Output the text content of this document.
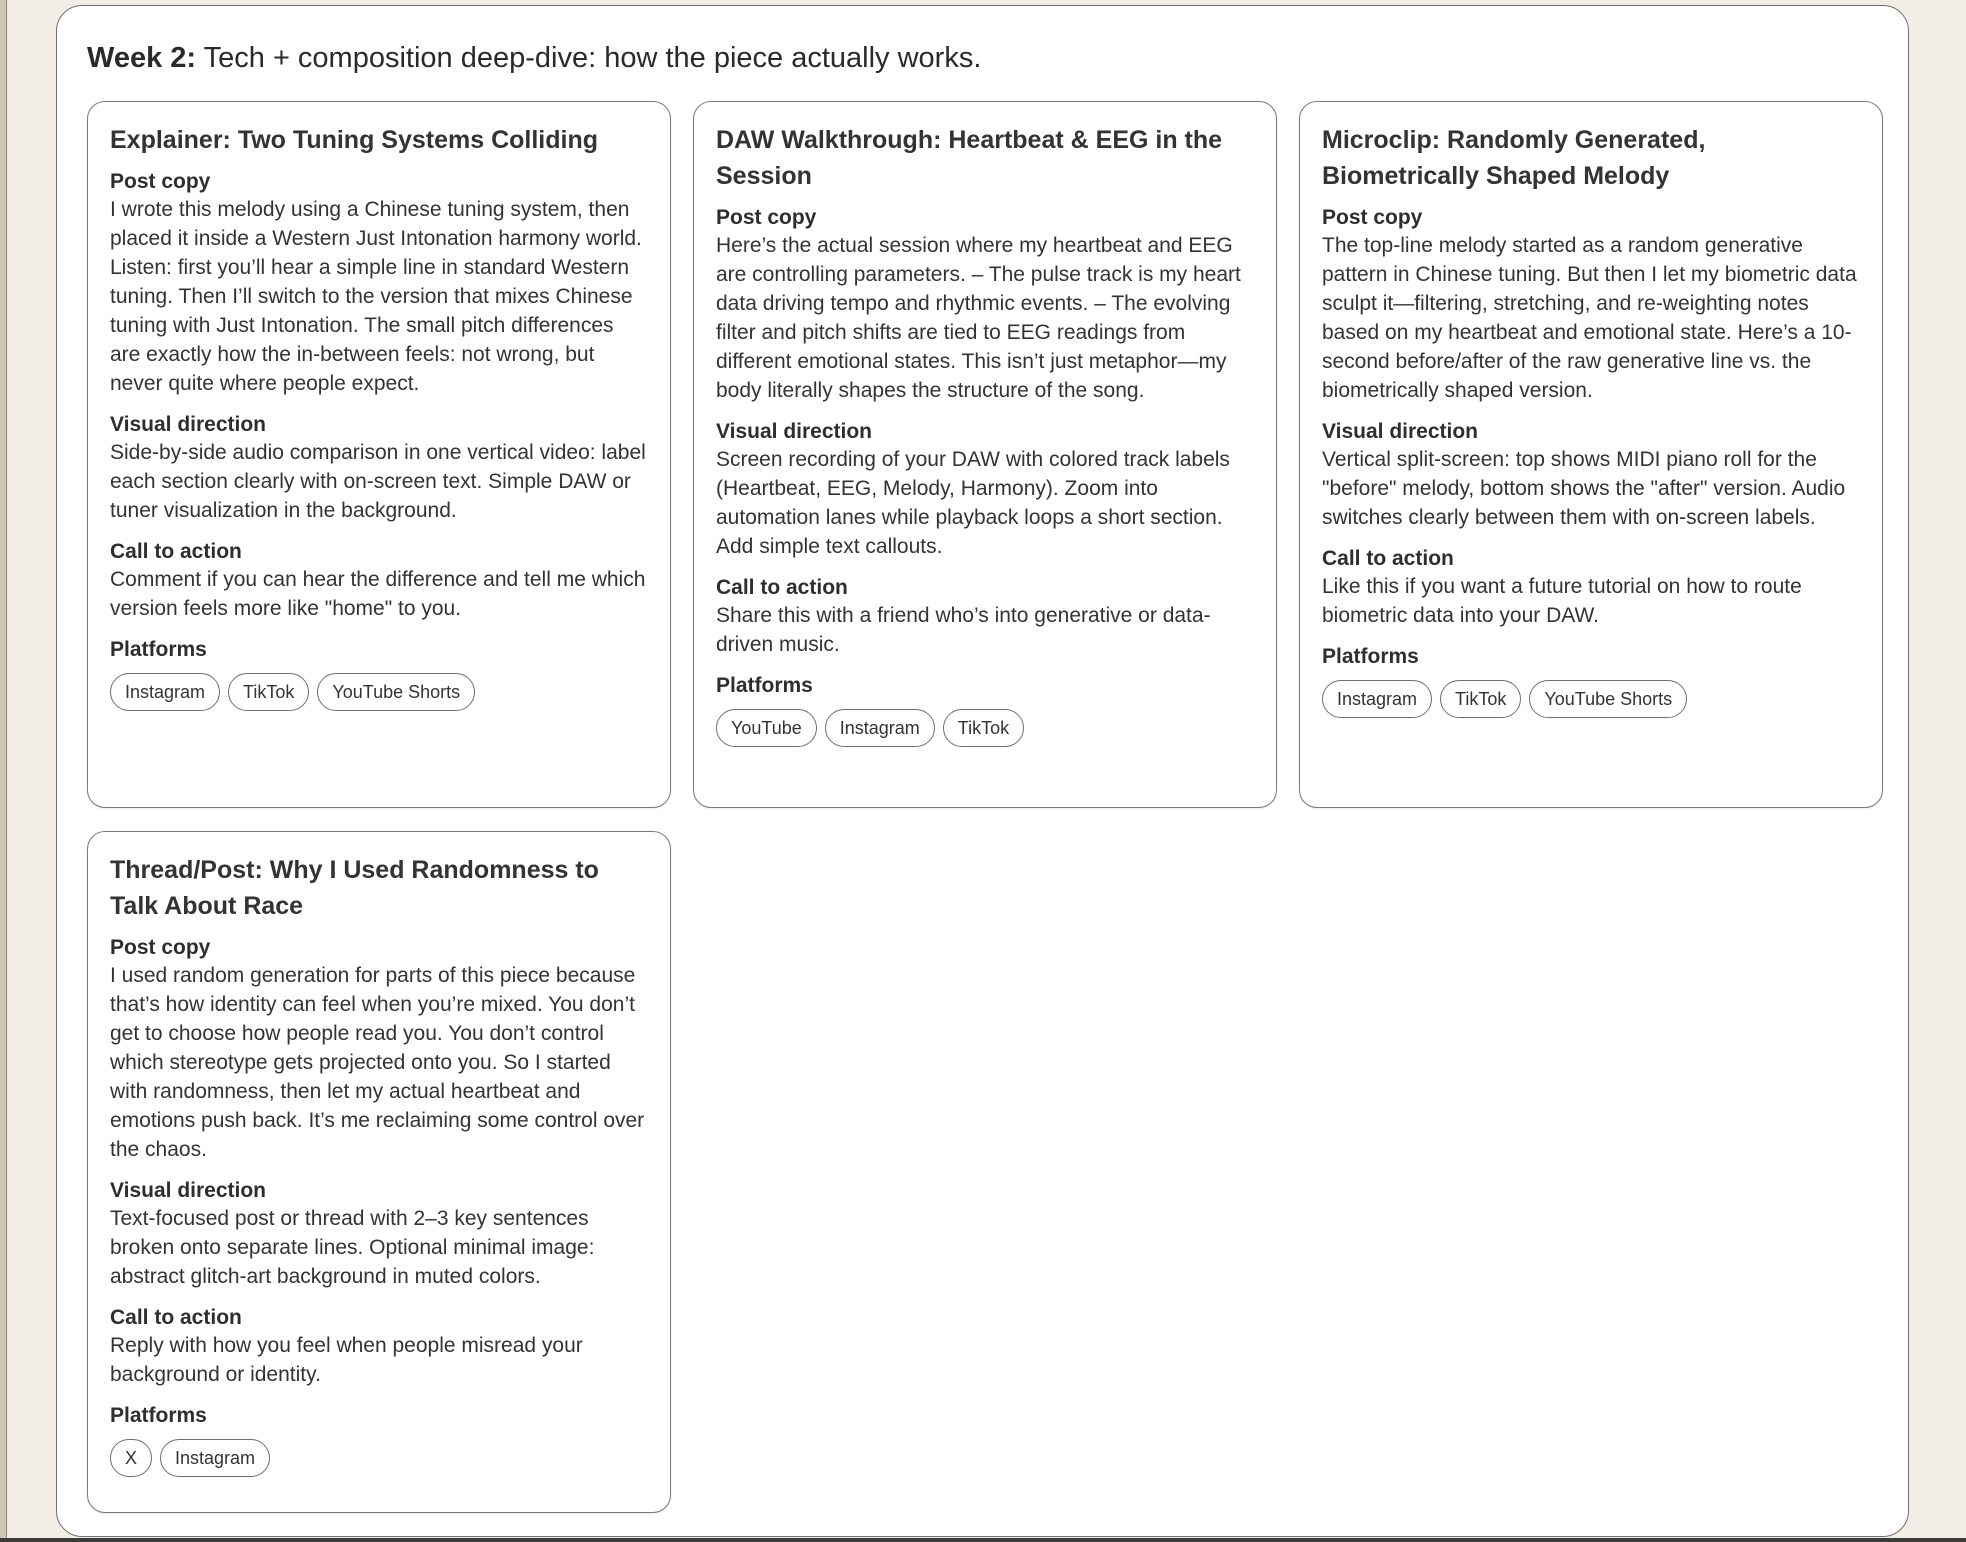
Week 2: Tech + composition deep-dive: how the piece actually works.
Explainer: Two Tuning Systems Colliding
Post copy
I wrote this melody using a Chinese tuning system, then placed it inside a Western Just Intonation harmony world. Listen: first you’ll hear a simple line in standard Western tuning. Then I’ll switch to the version that mixes Chinese tuning with Just Intonation. The small pitch differences are exactly how the in-between feels: not wrong, but never quite where people expect.
Visual direction
Side-by-side audio comparison in one vertical video: label each section clearly with on-screen text. Simple DAW or tuner visualization in the background.
Call to action
Comment if you can hear the difference and tell me which version feels more like "home" to you.
Platforms
Instagram	TikTok	YouTube Shorts
DAW Walkthrough: Heartbeat & EEG in the Session
Post copy
Here’s the actual session where my heartbeat and EEG are controlling parameters. – The pulse track is my heart data driving tempo and rhythmic events. – The evolving filter and pitch shifts are tied to EEG readings from different emotional states. This isn’t just metaphor—my body literally shapes the structure of the song.
Visual direction
Screen recording of your DAW with colored track labels (Heartbeat, EEG, Melody, Harmony). Zoom into automation lanes while playback loops a short section. Add simple text callouts.
Call to action
Share this with a friend who’s into generative or data-driven music.
Platforms
YouTube	Instagram	TikTok
Microclip: Randomly Generated, Biometrically Shaped Melody
Post copy
The top-line melody started as a random generative pattern in Chinese tuning. But then I let my biometric data sculpt it—filtering, stretching, and re-weighting notes based on my heartbeat and emotional state. Here’s a 10-second before/after of the raw generative line vs. the biometrically shaped version.
Visual direction
Vertical split-screen: top shows MIDI piano roll for the "before" melody, bottom shows the "after" version. Audio switches clearly between them with on-screen labels.
Call to action
Like this if you want a future tutorial on how to route biometric data into your DAW.
Platforms
Instagram	TikTok	YouTube Shorts
Thread/Post: Why I Used Randomness to Talk About Race
Post copy
I used random generation for parts of this piece because that’s how identity can feel when you’re mixed. You don’t get to choose how people read you. You don’t control which stereotype gets projected onto you. So I started with randomness, then let my actual heartbeat and emotions push back. It’s me reclaiming some control over the chaos.
Visual direction
Text-focused post or thread with 2–3 key sentences broken onto separate lines. Optional minimal image: abstract glitch-art background in muted colors.
Call to action
Reply with how you feel when people misread your background or identity.
Platforms
X	Instagram
